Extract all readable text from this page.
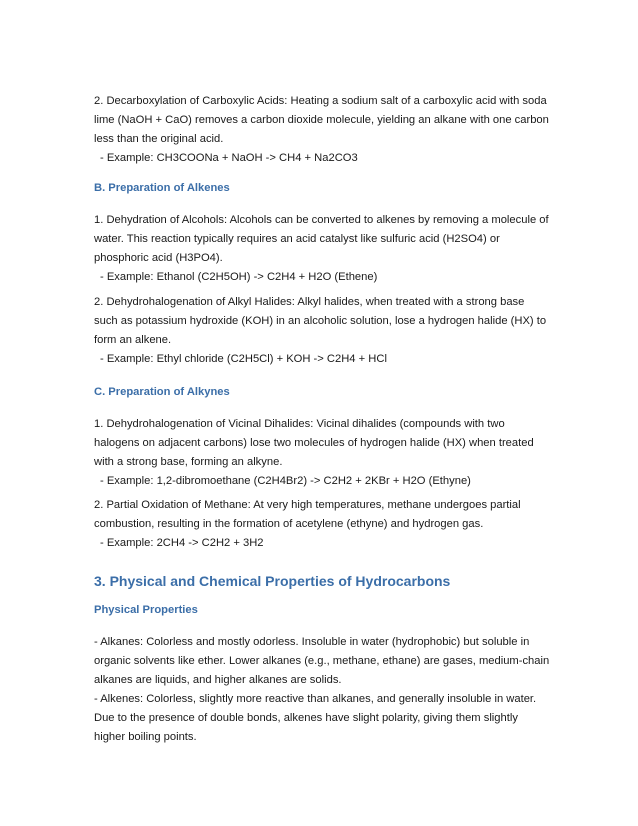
2. Decarboxylation of Carboxylic Acids: Heating a sodium salt of a carboxylic acid with soda lime (NaOH + CaO) removes a carbon dioxide molecule, yielding an alkane with one carbon less than the original acid.

- Example: CH3COONa + NaOH -> CH4 + Na2CO3

B. Preparation of Alkenes

1. Dehydration of Alcohols: Alcohols can be converted to alkenes by removing a molecule of water. This reaction typically requires an acid catalyst like sulfuric acid (H2SO4) or phosphoric acid (H3PO4).

- Example: Ethanol (C2H5OH) -> C2H4 + H2O (Ethene)

2. Dehydrohalogenation of Alkyl Halides: Alkyl halides, when treated with a strong base such as potassium hydroxide (KOH) in an alcoholic solution, lose a hydrogen halide (HX) to form an alkene.

- Example: Ethyl chloride (C2H5Cl) + KOH -> C2H4 + HCl

C. Preparation of Alkynes

1. Dehydrohalogenation of Vicinal Dihalides: Vicinal dihalides (compounds with two halogens on adjacent carbons) lose two molecules of hydrogen halide (HX) when treated with a strong base, forming an alkyne.

- Example: 1,2-dibromoethane (C2H4Br2) -> C2H2 + 2KBr + H2O (Ethyne)

2. Partial Oxidation of Methane: At very high temperatures, methane undergoes partial combustion, resulting in the formation of acetylene (ethyne) and hydrogen gas.

- Example: 2CH4 -> C2H2 + 3H2

3. Physical and Chemical Properties of Hydrocarbons
Physical Properties

- Alkanes: Colorless and mostly odorless. Insoluble in water (hydrophobic) but soluble in organic solvents like ether. Lower alkanes (e.g., methane, ethane) are gases, medium-chain alkanes are liquids, and higher alkanes are solids.

- Alkenes: Colorless, slightly more reactive than alkanes, and generally insoluble in water. Due to the presence of double bonds, alkenes have slight polarity, giving them slightly higher boiling points.
